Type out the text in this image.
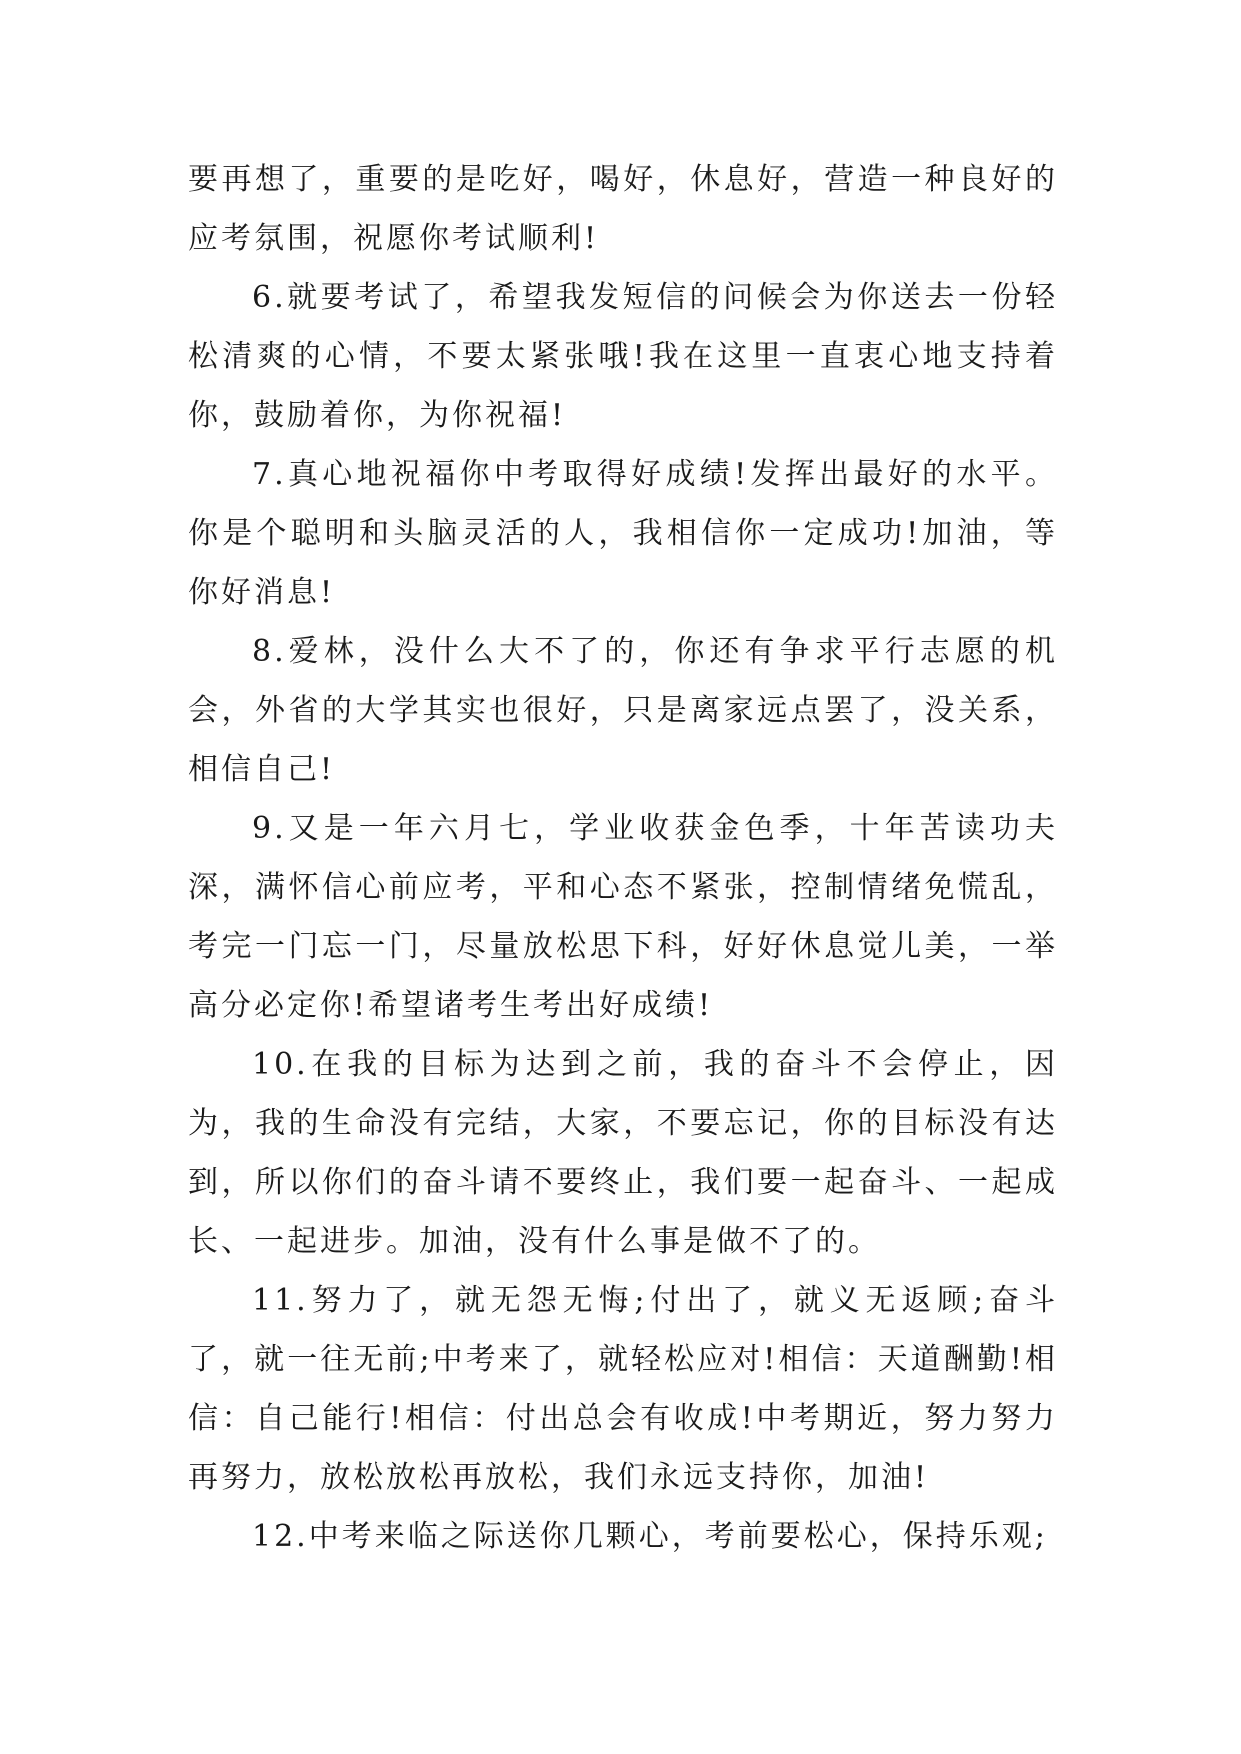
要再想了，重要的是吃好，喝好，休息好，营造一种良好的应考氛围，祝愿你考试顺利!

6.就要考试了，希望我发短信的问候会为你送去一份轻松清爽的心情，不要太紧张哦!我在这里一直衷心地支持着你，鼓励着你，为你祝福!

7.真心地祝福你中考取得好成绩!发挥出最好的水平。你是个聪明和头脑灵活的人，我相信你一定成功!加油，等你好消息!

8.爱林，没什么大不了的，你还有争求平行志愿的机会，外省的大学其实也很好，只是离家远点罢了，没关系，相信自己!

9.又是一年六月七，学业收获金色季，十年苦读功夫深，满怀信心前应考，平和心态不紧张，控制情绪免慌乱，考完一门忘一门，尽量放松思下科，好好休息觉儿美，一举高分必定你!希望诸考生考出好成绩!

10.在我的目标为达到之前，我的奋斗不会停止，因为，我的生命没有完结，大家，不要忘记，你的目标没有达到，所以你们的奋斗请不要终止，我们要一起奋斗、一起成长、一起进步。加油，没有什么事是做不了的。

11.努力了，就无怨无悔;付出了，就义无返顾;奋斗了，就一往无前;中考来了，就轻松应对!相信：天道酬勤!相信：自己能行!相信：付出总会有收成!中考期近，努力努力再努力，放松放松再放松，我们永远支持你，加油!

12.中考来临之际送你几颗心，考前要松心，保持乐观;
